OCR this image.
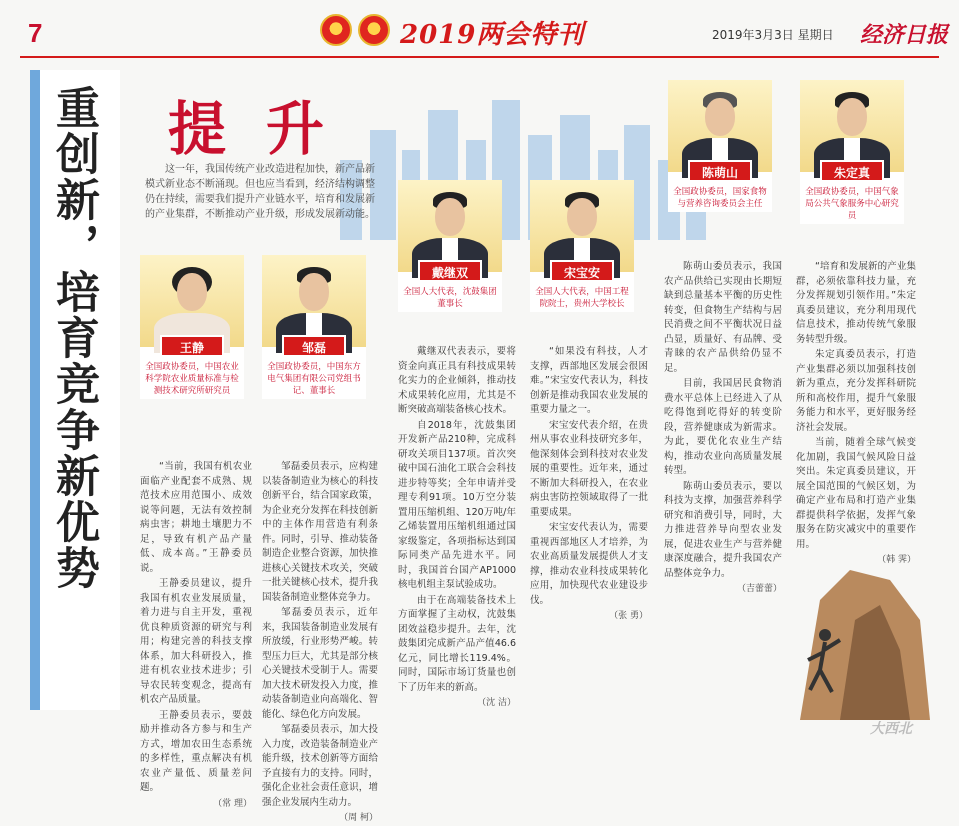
7	2019两会特刊	2019年3月3日 星期日 经济日报
重创新，培育竞争新优势 提升
这一年，我国传统产业改造进程加快，新产品新模式新业态不断涌现。但也应当看到，经济结构调整仍在持续，需要我们提升产业链水平，培育和发展新的产业集群，不断推动产业升级，形成发展新动能。
王静
全国政协委员，中国农业科学院农业质量标准与检测技术研究所研究员
邹磊
全国政协委员，中国东方电气集团有限公司党组书记、董事长
戴继双
全国人大代表，沈鼓集团董事长
宋宝安
全国人大代表，中国工程院院士，贵州大学校长
陈萌山
全国政协委员，国家食物与营养咨询委员会主任
朱定真
全国政协委员，中国气象局公共气象服务中心研究员

“当前，我国有机农业面临产业配套不成熟、规范技术应用范围小、成效说等问题，无法有效控制病虫害；耕地土壤肥力不足，导致有机产品产量低、成本高。”王静委员说。

王静委员建议，提升我国有机农业发展质量，着力进与自主开发，重视优良种质资源的研究与利用；构建完善的科技支撑体系，加大科研投入，推进有机农业技术进步；引导农民转变观念，提高有机农产品质量。

王静委员表示，要鼓励并推动各方参与和生产方式，增加农田生态系统的多样性，重点解决有机农业产量低、质量差问题。

（常 理）

邹磊委员表示，应构建以装备制造业为核心的科技创新平台，结合国家政策，为企业充分发挥在科技创新中的主体作用营造有利条件。同时，引导、推动装备制造企业整合资源，加快推进核心关键技术攻关，突破一批关键核心技术，提升我国装备制造业整体竞争力。

邹磊委员表示，近年来，我国装备制造业发展有所放缓，行业形势严峻。转型压力巨大，尤其是部分核心关键技术受制于人。需要加大技术研发投入力度，推动装备制造业向高端化、智能化、绿色化方向发展。

邹磊委员表示，加大投入力度，改造装备制造业产能升级，技术创新等方面给予直接有力的支持。同时，强化企业社会责任意识，增强企业发展内生动力。

（周 柯）

戴继双代表表示，要将资金向真正具有科技成果转化实力的企业倾斜，推动技术成果转化应用，尤其是不断突破高端装备核心技术。

自2018年，沈鼓集团开发新产品210种，完成科研攻关项目137项。首次突破中国石油化工联合会科技进步特等奖；全年申请并受理专利91项。10万空分装置用压缩机组、120万吨/年乙烯装置用压缩机组通过国家级鉴定，各项指标达到国际同类产品先进水平。同时，我国首台国产AP1000核电机组主泵试验成功。

由于在高端装备技术上方面掌握了主动权，沈鼓集团效益稳步提升。去年，沈鼓集团完成新产品产值46.6亿元，同比增长119.4%。同时，国际市场订货量也创下了历年来的新高。

（沈 洁）

“如果没有科技，人才支撑，西部地区发展会很困难。”宋宝安代表认为，科技创新是推动我国农业发展的重要力量之一。

宋宝安代表介绍，在贵州从事农业科技研究多年，他深刻体会到科技对农业发展的重要性。近年来，通过不断加大科研投入，在农业病虫害防控领域取得了一批重要成果。

宋宝安代表认为，需要重视西部地区人才培养，为农业高质量发展提供人才支撑，推动农业科技成果转化应用，加快现代农业建设步伐。

（张 勇）

陈萌山委员表示，我国农产品供给已实现由长期短缺到总量基本平衡的历史性转变，但食物生产结构与居民消费之间不平衡状况日益凸显，质量好、有品牌、受青睐的农产品供给仍显不足。

目前，我国居民食物消费水平总体上已经进入了从吃得饱到吃得好的转变阶段，营养健康成为新需求。为此，要优化农业生产结构，推动农业向高质量发展转型。

陈萌山委员表示，要以科技为支撑，加强营养科学研究和消费引导，同时，大力推进营养导向型农业发展，促进农业生产与营养健康深度融合，提升我国农产品整体竞争力。

（吉蕾蕾）

“培育和发展新的产业集群，必须依靠科技力量，充分发挥规划引领作用。”朱定真委员建议，充分利用现代信息技术，推动传统气象服务转型升级。

朱定真委员表示，打造产业集群必须以加强科技创新为重点，充分发挥科研院所和高校作用，提升气象服务能力和水平，更好服务经济社会发展。

当前，随着全球气候变化加剧，我国气候风险日益突出。朱定真委员建议，开展全国范围的气候区划，为确定产业布局和打造产业集群提供科学依据，发挥气象服务在防灾减灾中的重要作用。

（韩 霁）
大西北
